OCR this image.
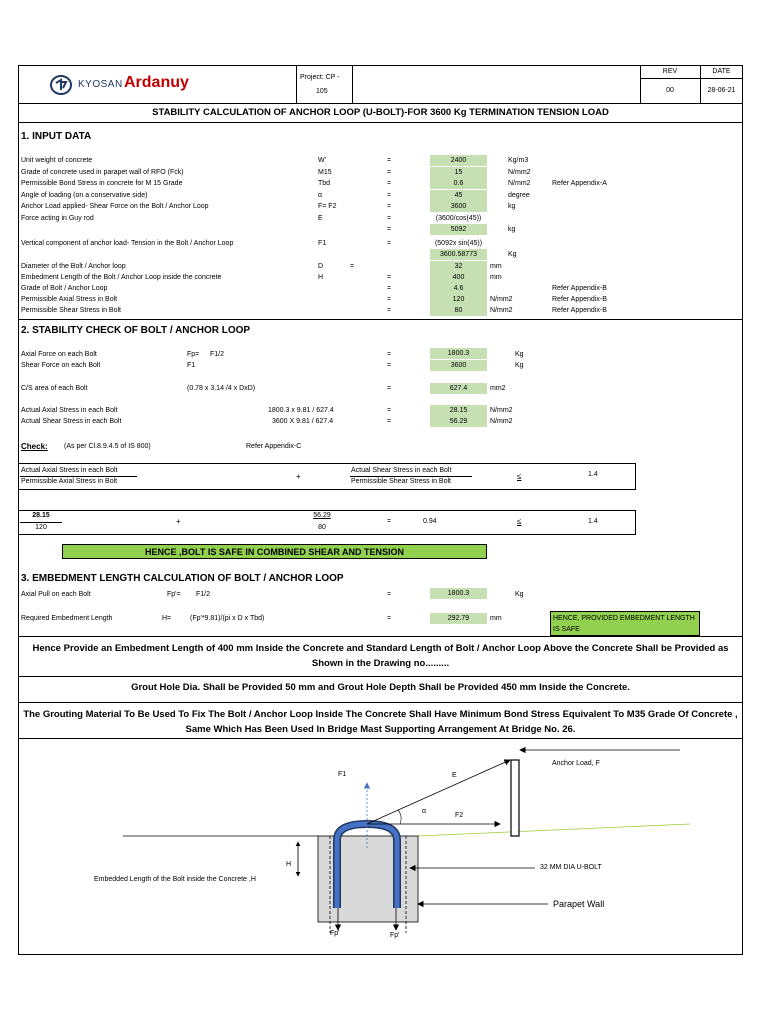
KYOSAN Ardanuy	Project: CP -
105
REV	DATE
00	28-06-21
STABILITY CALCULATION OF ANCHOR LOOP (U-BOLT)-FOR 3600 Kg TERMINATION TENSION LOAD
1. INPUT DATA
Unit weight of concrete	W'	=	2400	Kg/m3
Grade of concrete used in parapet wall of RFO (Fck)	M15	=	15	N/mm2
Permissible Bond Stress in concrete for M 15 Grade	Tbd	=	0.6	N/mm2	Refer Appendix-A
Angle of loading (on a conservative side)	α	=	45	degree
Anchor Load applied- Shear Force on the Bolt / Anchor Loop	F= F2	=	3600	kg
Force acting in Guy rod	E	=	(3600/cos(45))
=	5092	kg
Vertical component of anchor load- Tension in the Bolt / Anchor Loop	F1	=	(5092x sin(45))
3600.58773	Kg
Diameter of the Bolt / Anchor loop	D	=	32	mm
Embedment Length of the Bolt / Anchor Loop inside the concrete	H	=	400	mm
Grade of Bolt / Anchor Loop	=	4.6	Refer Appendix-B
Permissible Axial Stress in Bolt	=	120	N/mm2	Refer Appendix-B
Permissible Shear Stress in Bolt	=	80	N/mm2	Refer Appendix-B
2. STABILITY CHECK OF BOLT / ANCHOR LOOP
Axial Force on each Bolt	Fp= F1/2	=	1800.3	Kg
Shear Force on each Bolt	F1	=	3600	Kg
C/S area of each Bolt	(0.78 x 3.14 /4 x DxD)	=	627.4	mm2
Actual Axial Stress in each Bolt	1800.3 x 9.81 / 627.4	=	28.15	N/mm2
Actual Shear Stress in each Bolt	3600 X 9.81 / 627.4	=	56.29	N/mm2
Check: (As per Cl.8.9.4.5 of IS 800)	Refer Appendix-C
Actual Axial Stress in each Bolt
Permissible Axial Stress in Bolt
+
Actual Shear Stress in each Bolt
Permissible Shear Stress in Bolt
≤	1.4
28.15
120
+
56.29
80
=	0.94	≤	1.4
HENCE ,BOLT IS SAFE IN COMBINED SHEAR AND TENSION
3. EMBEDMENT LENGTH CALCULATION OF BOLT / ANCHOR LOOP
Axial Pull on each Bolt	Fp'= F1/2	=	1800.3	Kg
Required Embedment Length	H=	(Fp'*9.81)/(pi x D x Tbd)	=	292.79	mm	HENCE, PROVIDED EMBEDMENT LENGTH IS SAFE
Hence Provide an Embedment Length of 400 mm Inside the Concrete and Standard Length of Bolt / Anchor Loop Above the Concrete Shall be Provided as Shown in the Drawing no.........
Grout Hole Dia. Shall be Provided 50 mm and Grout Hole Depth Shall be Provided 450 mm Inside the Concrete.
The Grouting Material To Be Used To Fix The Bolt / Anchor Loop Inside The Concrete Shall Have Minimum Bond Stress Equivalent To M35 Grade Of Concrete , Same Which Has Been Used In Bridge Mast Supporting Arrangement At Bridge No. 26.
F1	E
α
F2
Anchor Load, F
Embedded Length of the Bolt inside the Concrete ,H
H	32 MM DIA U-BOLT
Parapet Wall
Fp'	Fp'
